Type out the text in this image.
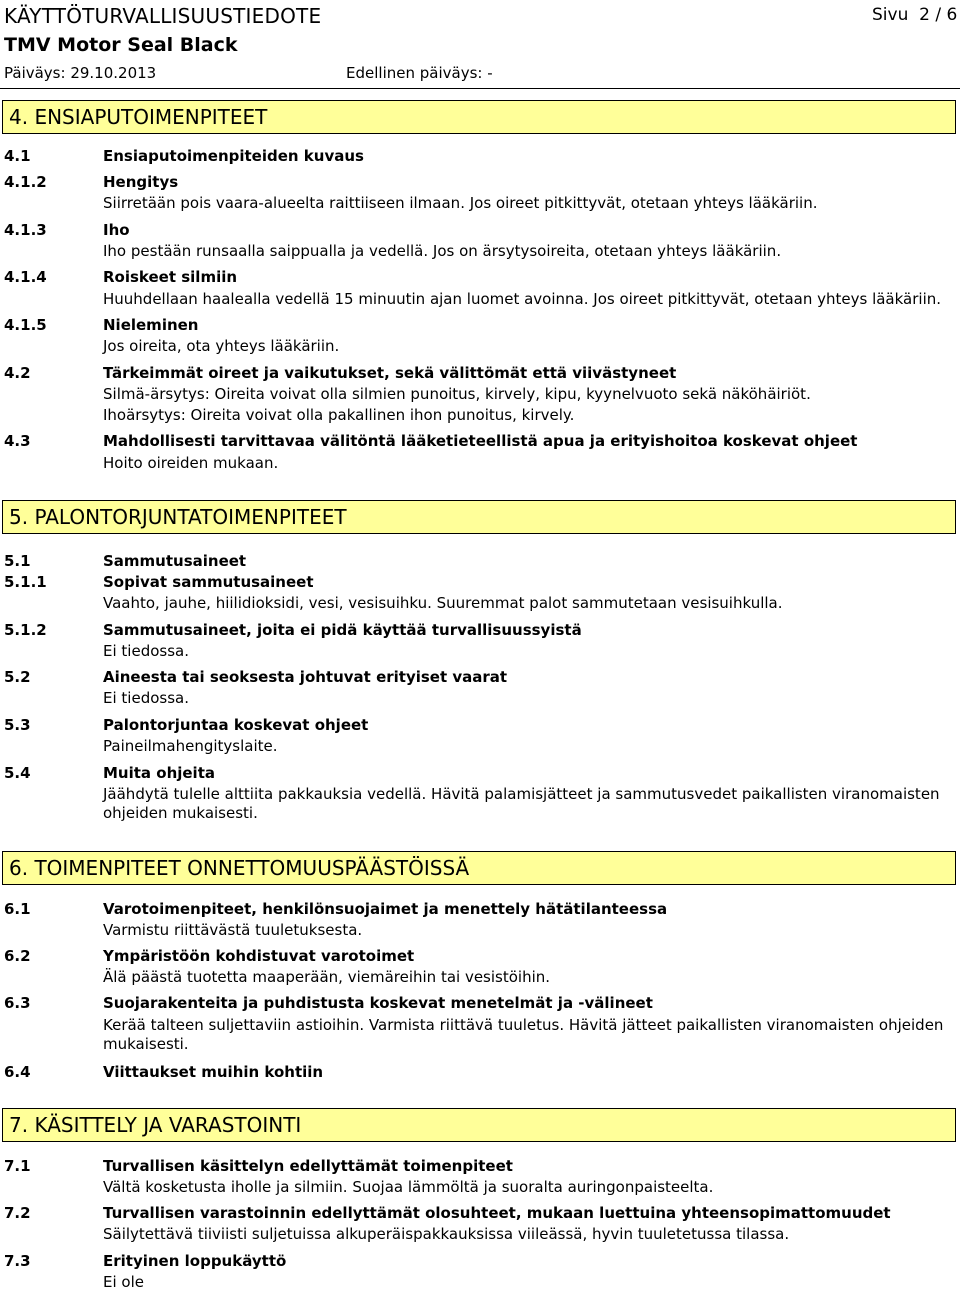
KÄYTTÖTURVALLISUUSTIEDOTE
TMV Motor Seal Black
Päiväys: 29.10.2013	Edellinen päiväys: -
Sivu 2 / 6
4. ENSIAPUTOIMENPITEET
4.1	Ensiaputoimenpiteiden kuvaus
4.1.2	Hengitys
Siirretään pois vaara-alueelta raittiiseen ilmaan. Jos oireet pitkittyvät, otetaan yhteys lääkäriin.
4.1.3	Iho
Iho pestään runsaalla saippualla ja vedellä. Jos on ärsytysoireita, otetaan yhteys lääkäriin.
4.1.4	Roiskeet silmiin
Huuhdellaan haalealla vedellä 15 minuutin ajan luomet avoinna. Jos oireet pitkittyvät, otetaan yhteys lääkäriin.
4.1.5	Nieleminen
Jos oireita, ota yhteys lääkäriin.
4.2	Tärkeimmät oireet ja vaikutukset, sekä välittömät että viivästyneet
Silmä-ärsytys: Oireita voivat olla silmien punoitus, kirvely, kipu, kyynelvuoto sekä näköhäiriöt.
Ihoärsytys: Oireita voivat olla pakallinen ihon punoitus, kirvely.
4.3	Mahdollisesti tarvittavaa välitöntä lääketieteellistä apua ja erityishoitoa koskevat ohjeet
Hoito oireiden mukaan.
5. PALONTORJUNTATOIMENPITEET
5.1	Sammutusaineet
5.1.1	Sopivat sammutusaineet
Vaahto, jauhe, hiilidioksidi, vesi, vesisuihku. Suuremmat palot sammutetaan vesisuihkulla.
5.1.2	Sammutusaineet, joita ei pidä käyttää turvallisuussyistä
Ei tiedossa.
5.2	Aineesta tai seoksesta johtuvat erityiset vaarat
Ei tiedossa.
5.3	Palontorjuntaa koskevat ohjeet
Paineilmahengityslaite.
5.4	Muita ohjeita
Jäähdytä tulelle alttiita pakkauksia vedellä. Hävitä palamisjätteet ja sammutusvedet paikallisten viranomaisten ohjeiden mukaisesti.
6. TOIMENPITEET ONNETTOMUUSPÄÄSTÖISSÄ
6.1	Varotoimenpiteet, henkilönsuojaimet ja menettely hätätilanteessa
Varmistu riittävästä tuuletuksesta.
6.2	Ympäristöön kohdistuvat varotoimet
Älä päästä tuotetta maaperään, viemäreihin tai vesistöihin.
6.3	Suojarakenteita ja puhdistusta koskevat menetelmät ja -välineet
Kerää talteen suljettaviin astioihin. Varmista riittävä tuuletus. Hävitä jätteet paikallisten viranomaisten ohjeiden mukaisesti.
6.4	Viittaukset muihin kohtiin
7. KÄSITTELY JA VARASTOINTI
7.1	Turvallisen käsittelyn edellyttämät toimenpiteet
Vältä kosketusta iholle ja silmiin. Suojaa lämmöltä ja suoralta auringonpaisteelta.
7.2	Turvallisen varastoinnin edellyttämät olosuhteet, mukaan luettuina yhteensopimattomuudet
Säilytettävä tiiviisti suljetuissa alkuperäispakkauksissa viileässä, hyvin tuuletetussa tilassa.
7.3	Erityinen loppukäyttö
Ei ole
